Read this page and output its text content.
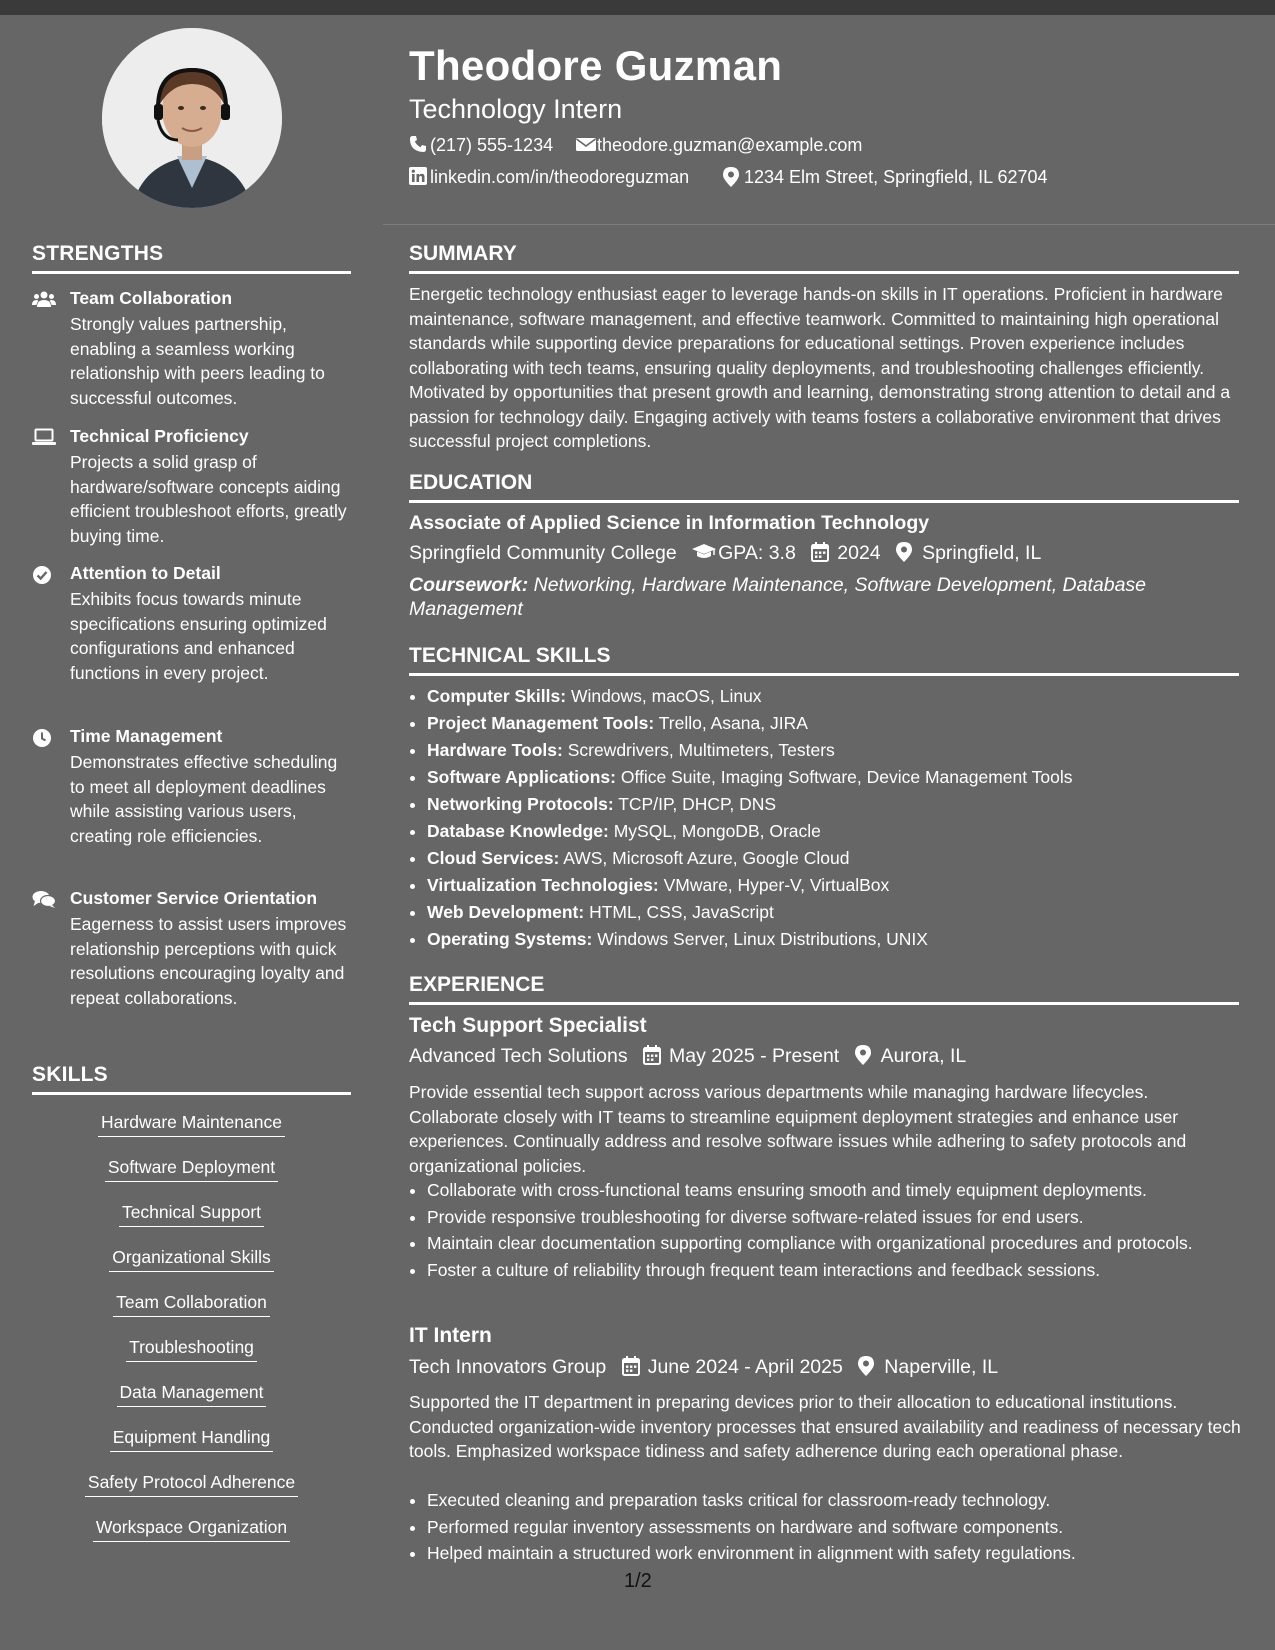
STRENGTHS
Team Collaboration
Strongly values partnership, enabling a seamless working relationship with peers leading to successful outcomes.
Technical Proficiency
Projects a solid grasp of hardware/software concepts aiding efficient troubleshoot efforts, greatly buying time.
Attention to Detail
Exhibits focus towards minute specifications ensuring optimized configurations and enhanced functions in every project.
Time Management
Demonstrates effective scheduling to meet all deployment deadlines while assisting various users, creating role efficiencies.
Customer Service Orientation
Eagerness to assist users improves relationship perceptions with quick resolutions encouraging loyalty and repeat collaborations.
SKILLS
Hardware Maintenance
Software Deployment
Technical Support
Organizational Skills
Team Collaboration
Troubleshooting
Data Management
Equipment Handling
Safety Protocol Adherence
Workspace Organization
Theodore Guzman
Technology Intern
(217) 555-1234	theodore.guzman@example.com
linkedin.com/in/theodoreguzman	1234 Elm Street, Springfield, IL 62704
SUMMARY
Energetic technology enthusiast eager to leverage hands-on skills in IT operations. Proficient in hardware maintenance, software management, and effective teamwork. Committed to maintaining high operational standards while supporting device preparations for educational settings. Proven experience includes collaborating with tech teams, ensuring quality deployments, and troubleshooting challenges efficiently. Motivated by opportunities that present growth and learning, demonstrating strong attention to detail and a passion for technology daily. Engaging actively with teams fosters a collaborative environment that drives successful project completions.
EDUCATION
Associate of Applied Science in Information Technology
Springfield Community College GPA: 3.8 2024 Springfield, IL
Coursework: Networking, Hardware Maintenance, Software Development, Database Management
TECHNICAL SKILLS
• Computer Skills: Windows, macOS, Linux
• Project Management Tools: Trello, Asana, JIRA
• Hardware Tools: Screwdrivers, Multimeters, Testers
• Software Applications: Office Suite, Imaging Software, Device Management Tools
• Networking Protocols: TCP/IP, DHCP, DNS
• Database Knowledge: MySQL, MongoDB, Oracle
• Cloud Services: AWS, Microsoft Azure, Google Cloud
• Virtualization Technologies: VMware, Hyper-V, VirtualBox
• Web Development: HTML, CSS, JavaScript
• Operating Systems: Windows Server, Linux Distributions, UNIX
EXPERIENCE
Tech Support Specialist
Advanced Tech Solutions May 2025 - Present Aurora, IL
Provide essential tech support across various departments while managing hardware lifecycles. Collaborate closely with IT teams to streamline equipment deployment strategies and enhance user experiences. Continually address and resolve software issues while adhering to safety protocols and organizational policies.
• Collaborate with cross-functional teams ensuring smooth and timely equipment deployments.
• Provide responsive troubleshooting for diverse software-related issues for end users.
• Maintain clear documentation supporting compliance with organizational procedures and protocols.
• Foster a culture of reliability through frequent team interactions and feedback sessions.
IT Intern
Tech Innovators Group June 2024 - April 2025 Naperville, IL
Supported the IT department in preparing devices prior to their allocation to educational institutions. Conducted organization-wide inventory processes that ensured availability and readiness of necessary tech tools. Emphasized workspace tidiness and safety adherence during each operational phase.
• Executed cleaning and preparation tasks critical for classroom-ready technology.
• Performed regular inventory assessments on hardware and software components.
• Helped maintain a structured work environment in alignment with safety regulations.
1/2
